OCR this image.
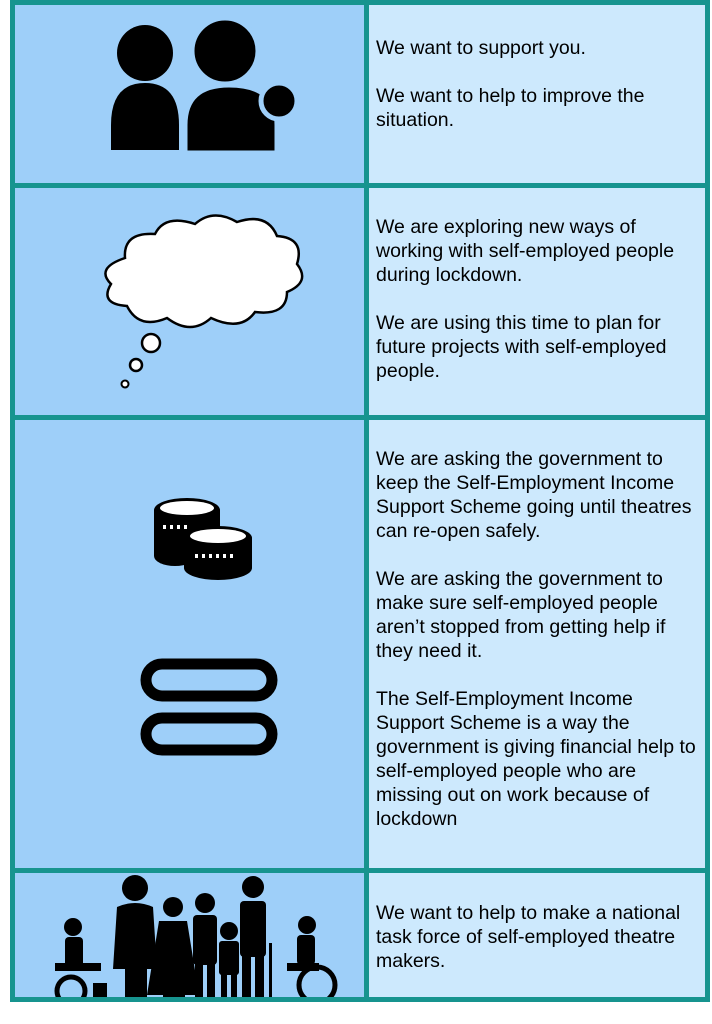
We want to support you.

We want to help to improve the situation.

We are exploring new ways of working with self-employed people during lockdown.

We are using this time to plan for future projects with self-employed people.

We are asking the government to keep the Self-Employment Income Support Scheme going until theatres can re-open safely.

We are asking the government to make sure self-employed people aren’t stopped from getting help if they need it.

The Self-Employment Income Support Scheme is a way the government is giving financial help to self-employed people who are missing out on work because of lockdown

We want to help to make a national task force of self-employed theatre makers.
